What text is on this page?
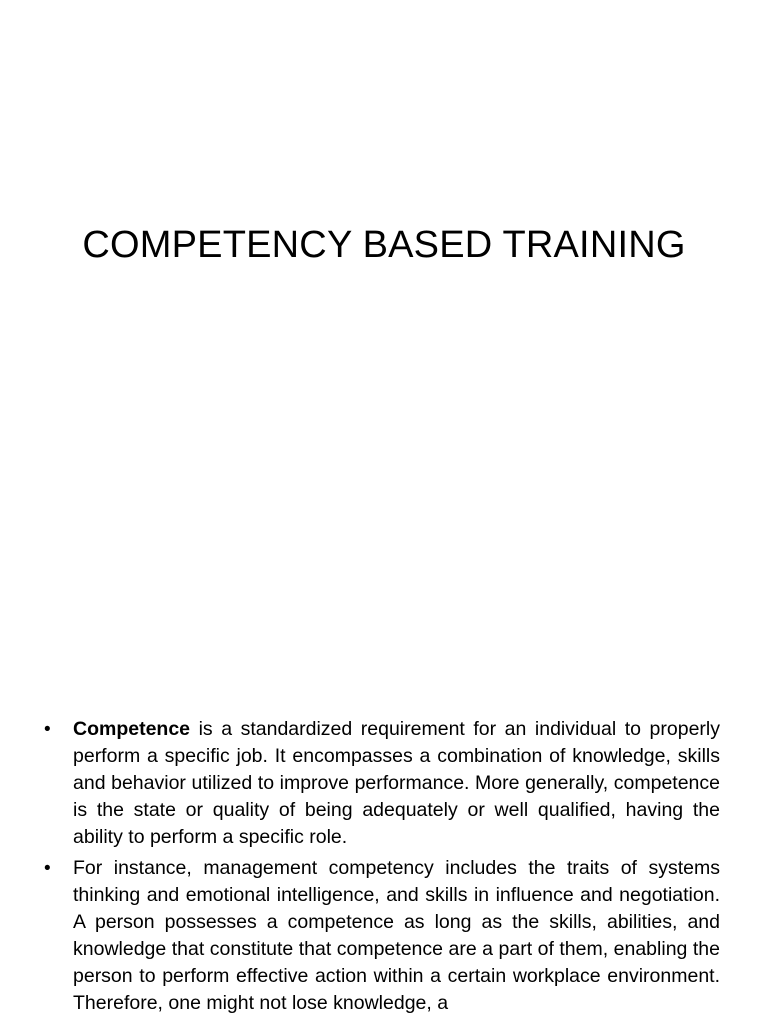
COMPETENCY BASED TRAINING
• Competence is a standardized requirement for an individual to properly perform a specific job. It encompasses a combination of knowledge, skills and behavior utilized to improve performance. More generally, competence is the state or quality of being adequately or well qualified, having the ability to perform a specific role.
• For instance, management competency includes the traits of systems thinking and emotional intelligence, and skills in influence and negotiation. A person possesses a competence as long as the skills, abilities, and knowledge that constitute that competence are a part of them, enabling the person to perform effective action within a certain workplace environment. Therefore, one might not lose knowledge, a
